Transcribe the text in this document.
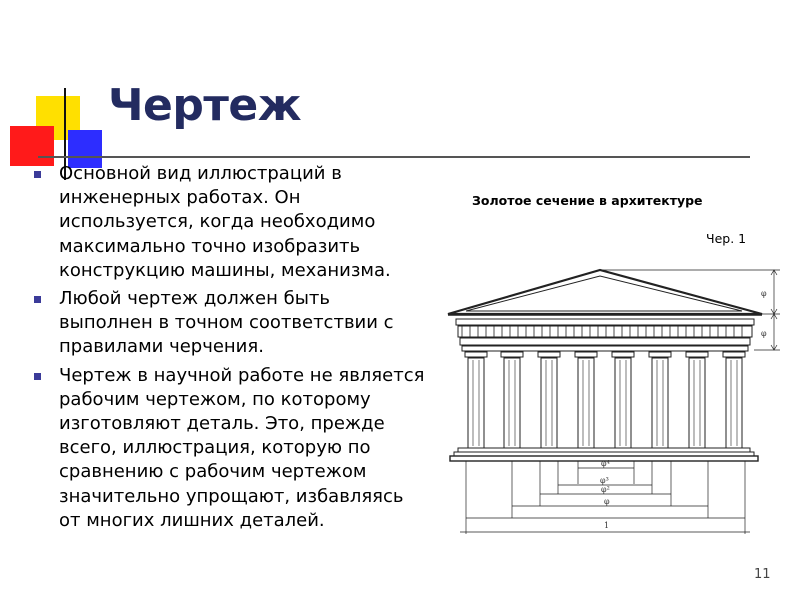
Чертеж
Основной вид иллюстраций в инженерных работах. Он используется, когда необходимо максимально точно изобразить конструкцию машины, механизма.
Любой чертеж должен быть выполнен в точном соответствии с правилами черчения.
Чертеж в научной работе не является рабочим чертежом, по которому изготовляют деталь. Это, прежде всего, иллюстрация, которую по сравнению с рабочим чертежом значительно упрощают, избавляясь от многих лишних деталей.
Золотое сечение в архитектуре
Чер. 1
φ
φ
φ⁴
φ³
φ²
φ
1
11
